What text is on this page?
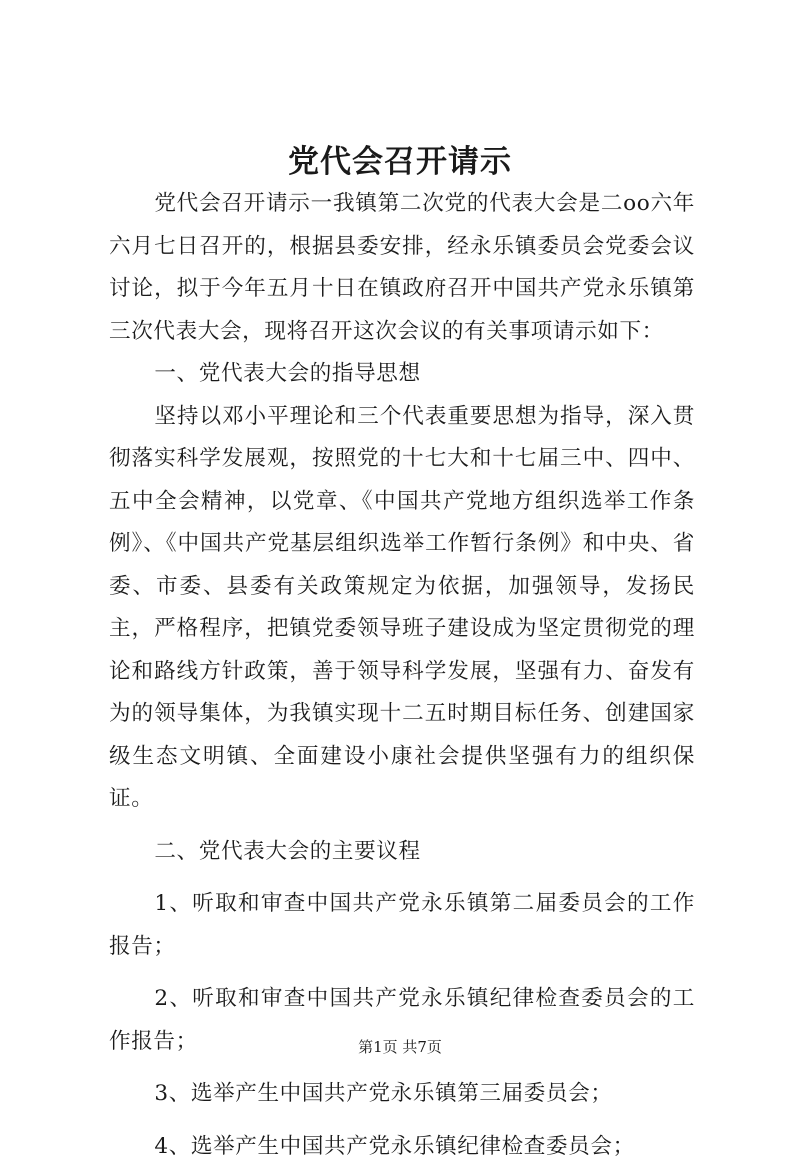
党代会召开请示

党代会召开请示一我镇第二次党的代表大会是二oo六年六月七日召开的，根据县委安排，经永乐镇委员会党委会议讨论，拟于今年五月十日在镇政府召开中国共产党永乐镇第三次代表大会，现将召开这次会议的有关事项请示如下：

一、党代表大会的指导思想

坚持以邓小平理论和三个代表重要思想为指导，深入贯彻落实科学发展观，按照党的十七大和十七届三中、四中、五中全会精神，以党章、《中国共产党地方组织选举工作条例》、《中国共产党基层组织选举工作暂行条例》和中央、省委、市委、县委有关政策规定为依据，加强领导，发扬民主，严格程序，把镇党委领导班子建设成为坚定贯彻党的理论和路线方针政策，善于领导科学发展，坚强有力、奋发有为的领导集体，为我镇实现十二五时期目标任务、创建国家级生态文明镇、全面建设小康社会提供坚强有力的组织保证。

二、党代表大会的主要议程

1、听取和审查中国共产党永乐镇第二届委员会的工作报告；

2、听取和审查中国共产党永乐镇纪律检查委员会的工作报告；

3、选举产生中国共产党永乐镇第三届委员会；

4、选举产生中国共产党永乐镇纪律检查委员会；

第1页 共7页
